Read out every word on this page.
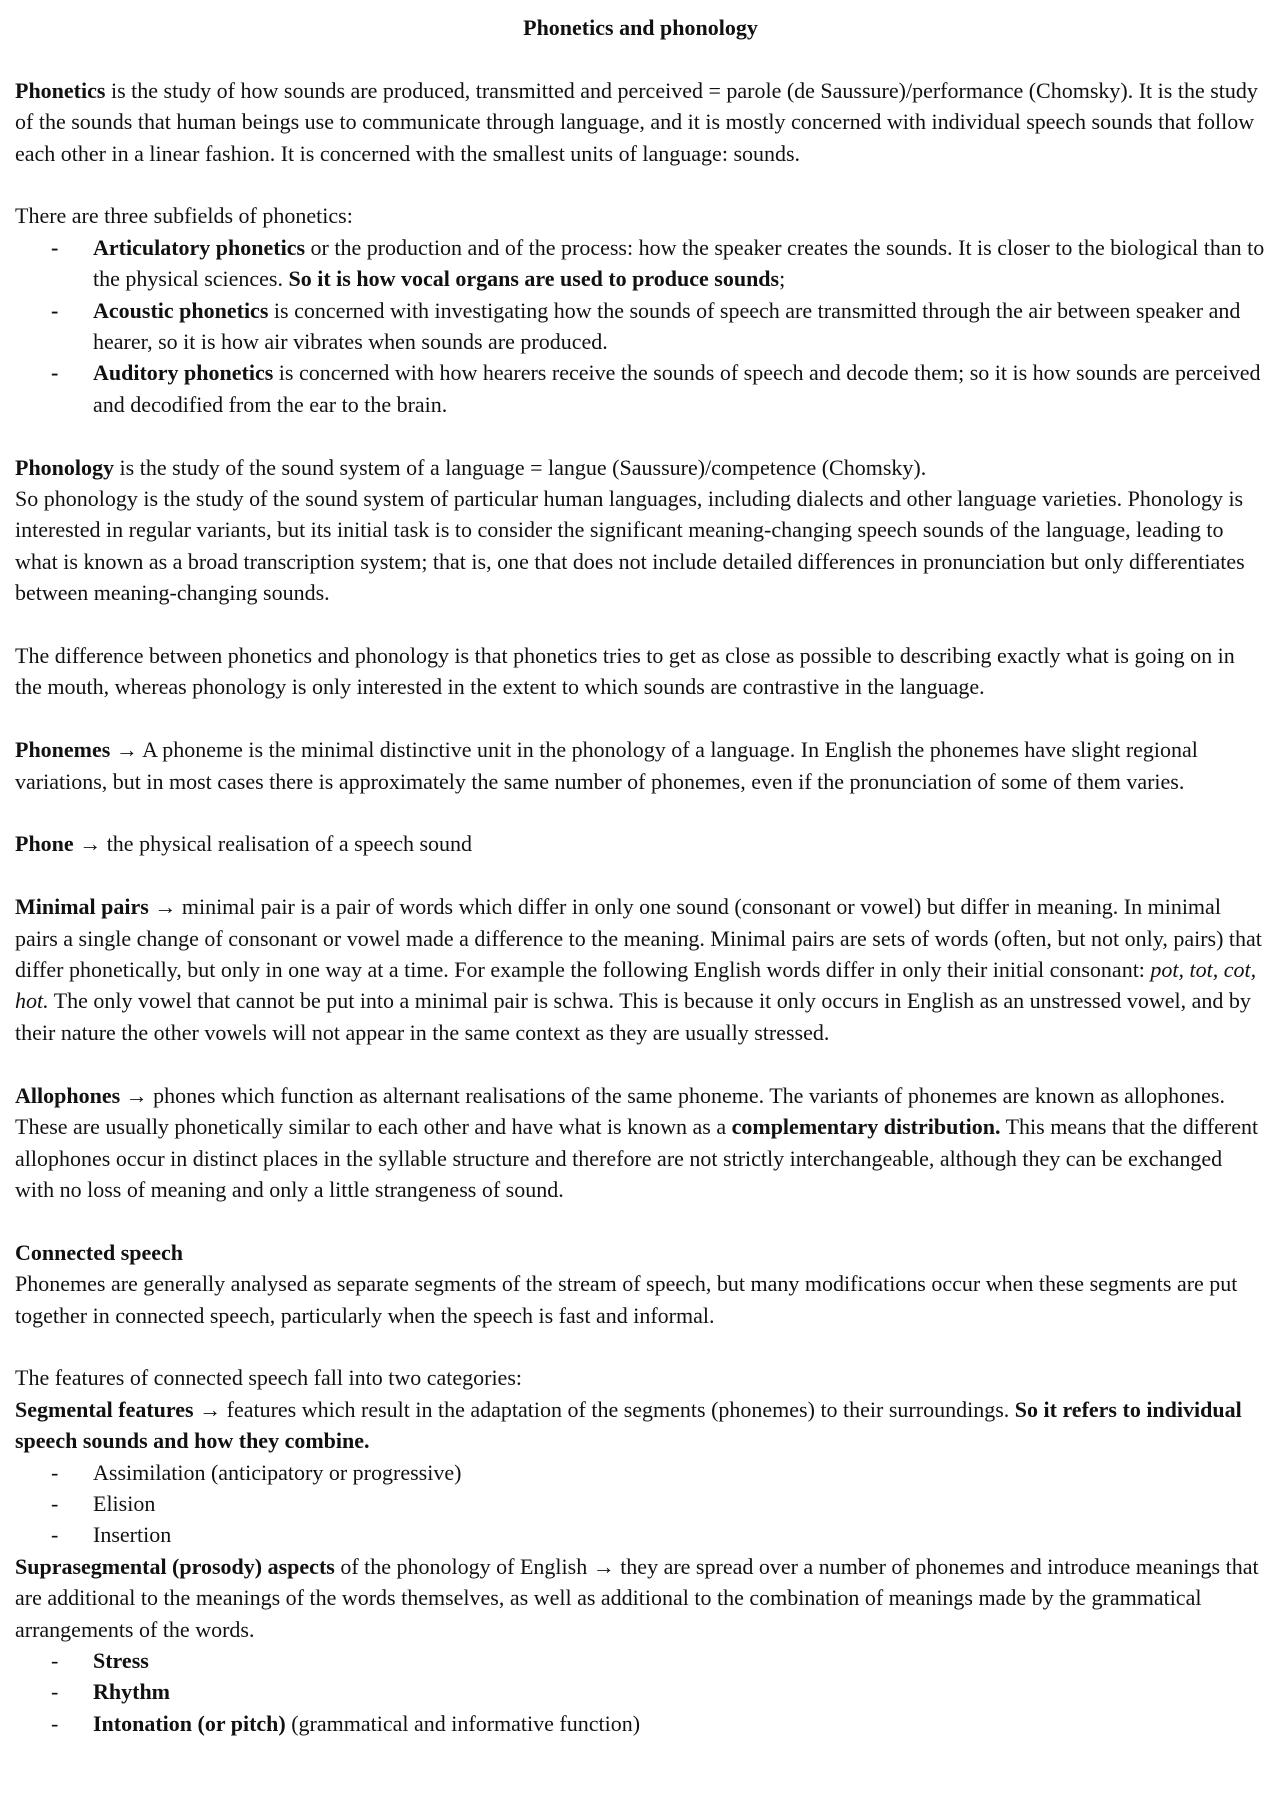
Phonetics and phonology

Phonetics is the study of how sounds are produced, transmitted and perceived = parole (de Saussure)/performance (Chomsky). It is the study of the sounds that human beings use to communicate through language, and it is mostly concerned with individual speech sounds that follow each other in a linear fashion. It is concerned with the smallest units of language: sounds.

There are three subfields of phonetics:

- Articulatory phonetics or the production and of the process: how the speaker creates the sounds. It is closer to the biological than to the physical sciences. So it is how vocal organs are used to produce sounds;
- Acoustic phonetics is concerned with investigating how the sounds of speech are transmitted through the air between speaker and hearer, so it is how air vibrates when sounds are produced.
- Auditory phonetics is concerned with how hearers receive the sounds of speech and decode them; so it is how sounds are perceived and decodified from the ear to the brain.

Phonology is the study of the sound system of a language = langue (Saussure)/competence (Chomsky).

So phonology is the study of the sound system of particular human languages, including dialects and other language varieties. Phonology is interested in regular variants, but its initial task is to consider the significant meaning-changing speech sounds of the language, leading to what is known as a broad transcription system; that is, one that does not include detailed differences in pronunciation but only differentiates between meaning-changing sounds.

The difference between phonetics and phonology is that phonetics tries to get as close as possible to describing exactly what is going on in the mouth, whereas phonology is only interested in the extent to which sounds are contrastive in the language.

Phonemes → A phoneme is the minimal distinctive unit in the phonology of a language. In English the phonemes have slight regional variations, but in most cases there is approximately the same number of phonemes, even if the pronunciation of some of them varies.

Phone → the physical realisation of a speech sound

Minimal pairs → minimal pair is a pair of words which differ in only one sound (consonant or vowel) but differ in meaning. In minimal pairs a single change of consonant or vowel made a difference to the meaning. Minimal pairs are sets of words (often, but not only, pairs) that differ phonetically, but only in one way at a time. For example the following English words differ in only their initial consonant: pot, tot, cot, hot. The only vowel that cannot be put into a minimal pair is schwa. This is because it only occurs in English as an unstressed vowel, and by their nature the other vowels will not appear in the same context as they are usually stressed.

Allophones → phones which function as alternant realisations of the same phoneme. The variants of phonemes are known as allophones. These are usually phonetically similar to each other and have what is known as a complementary distribution. This means that the different allophones occur in distinct places in the syllable structure and therefore are not strictly interchangeable, although they can be exchanged with no loss of meaning and only a little strangeness of sound.

Connected speech

Phonemes are generally analysed as separate segments of the stream of speech, but many modifications occur when these segments are put together in connected speech, particularly when the speech is fast and informal.

The features of connected speech fall into two categories:

Segmental features → features which result in the adaptation of the segments (phonemes) to their surroundings. So it refers to individual speech sounds and how they combine.

- Assimilation (anticipatory or progressive)
- Elision
- Insertion

Suprasegmental (prosody) aspects of the phonology of English → they are spread over a number of phonemes and introduce meanings that are additional to the meanings of the words themselves, as well as additional to the combination of meanings made by the grammatical arrangements of the words.

- Stress
- Rhythm
- Intonation (or pitch) (grammatical and informative function)
